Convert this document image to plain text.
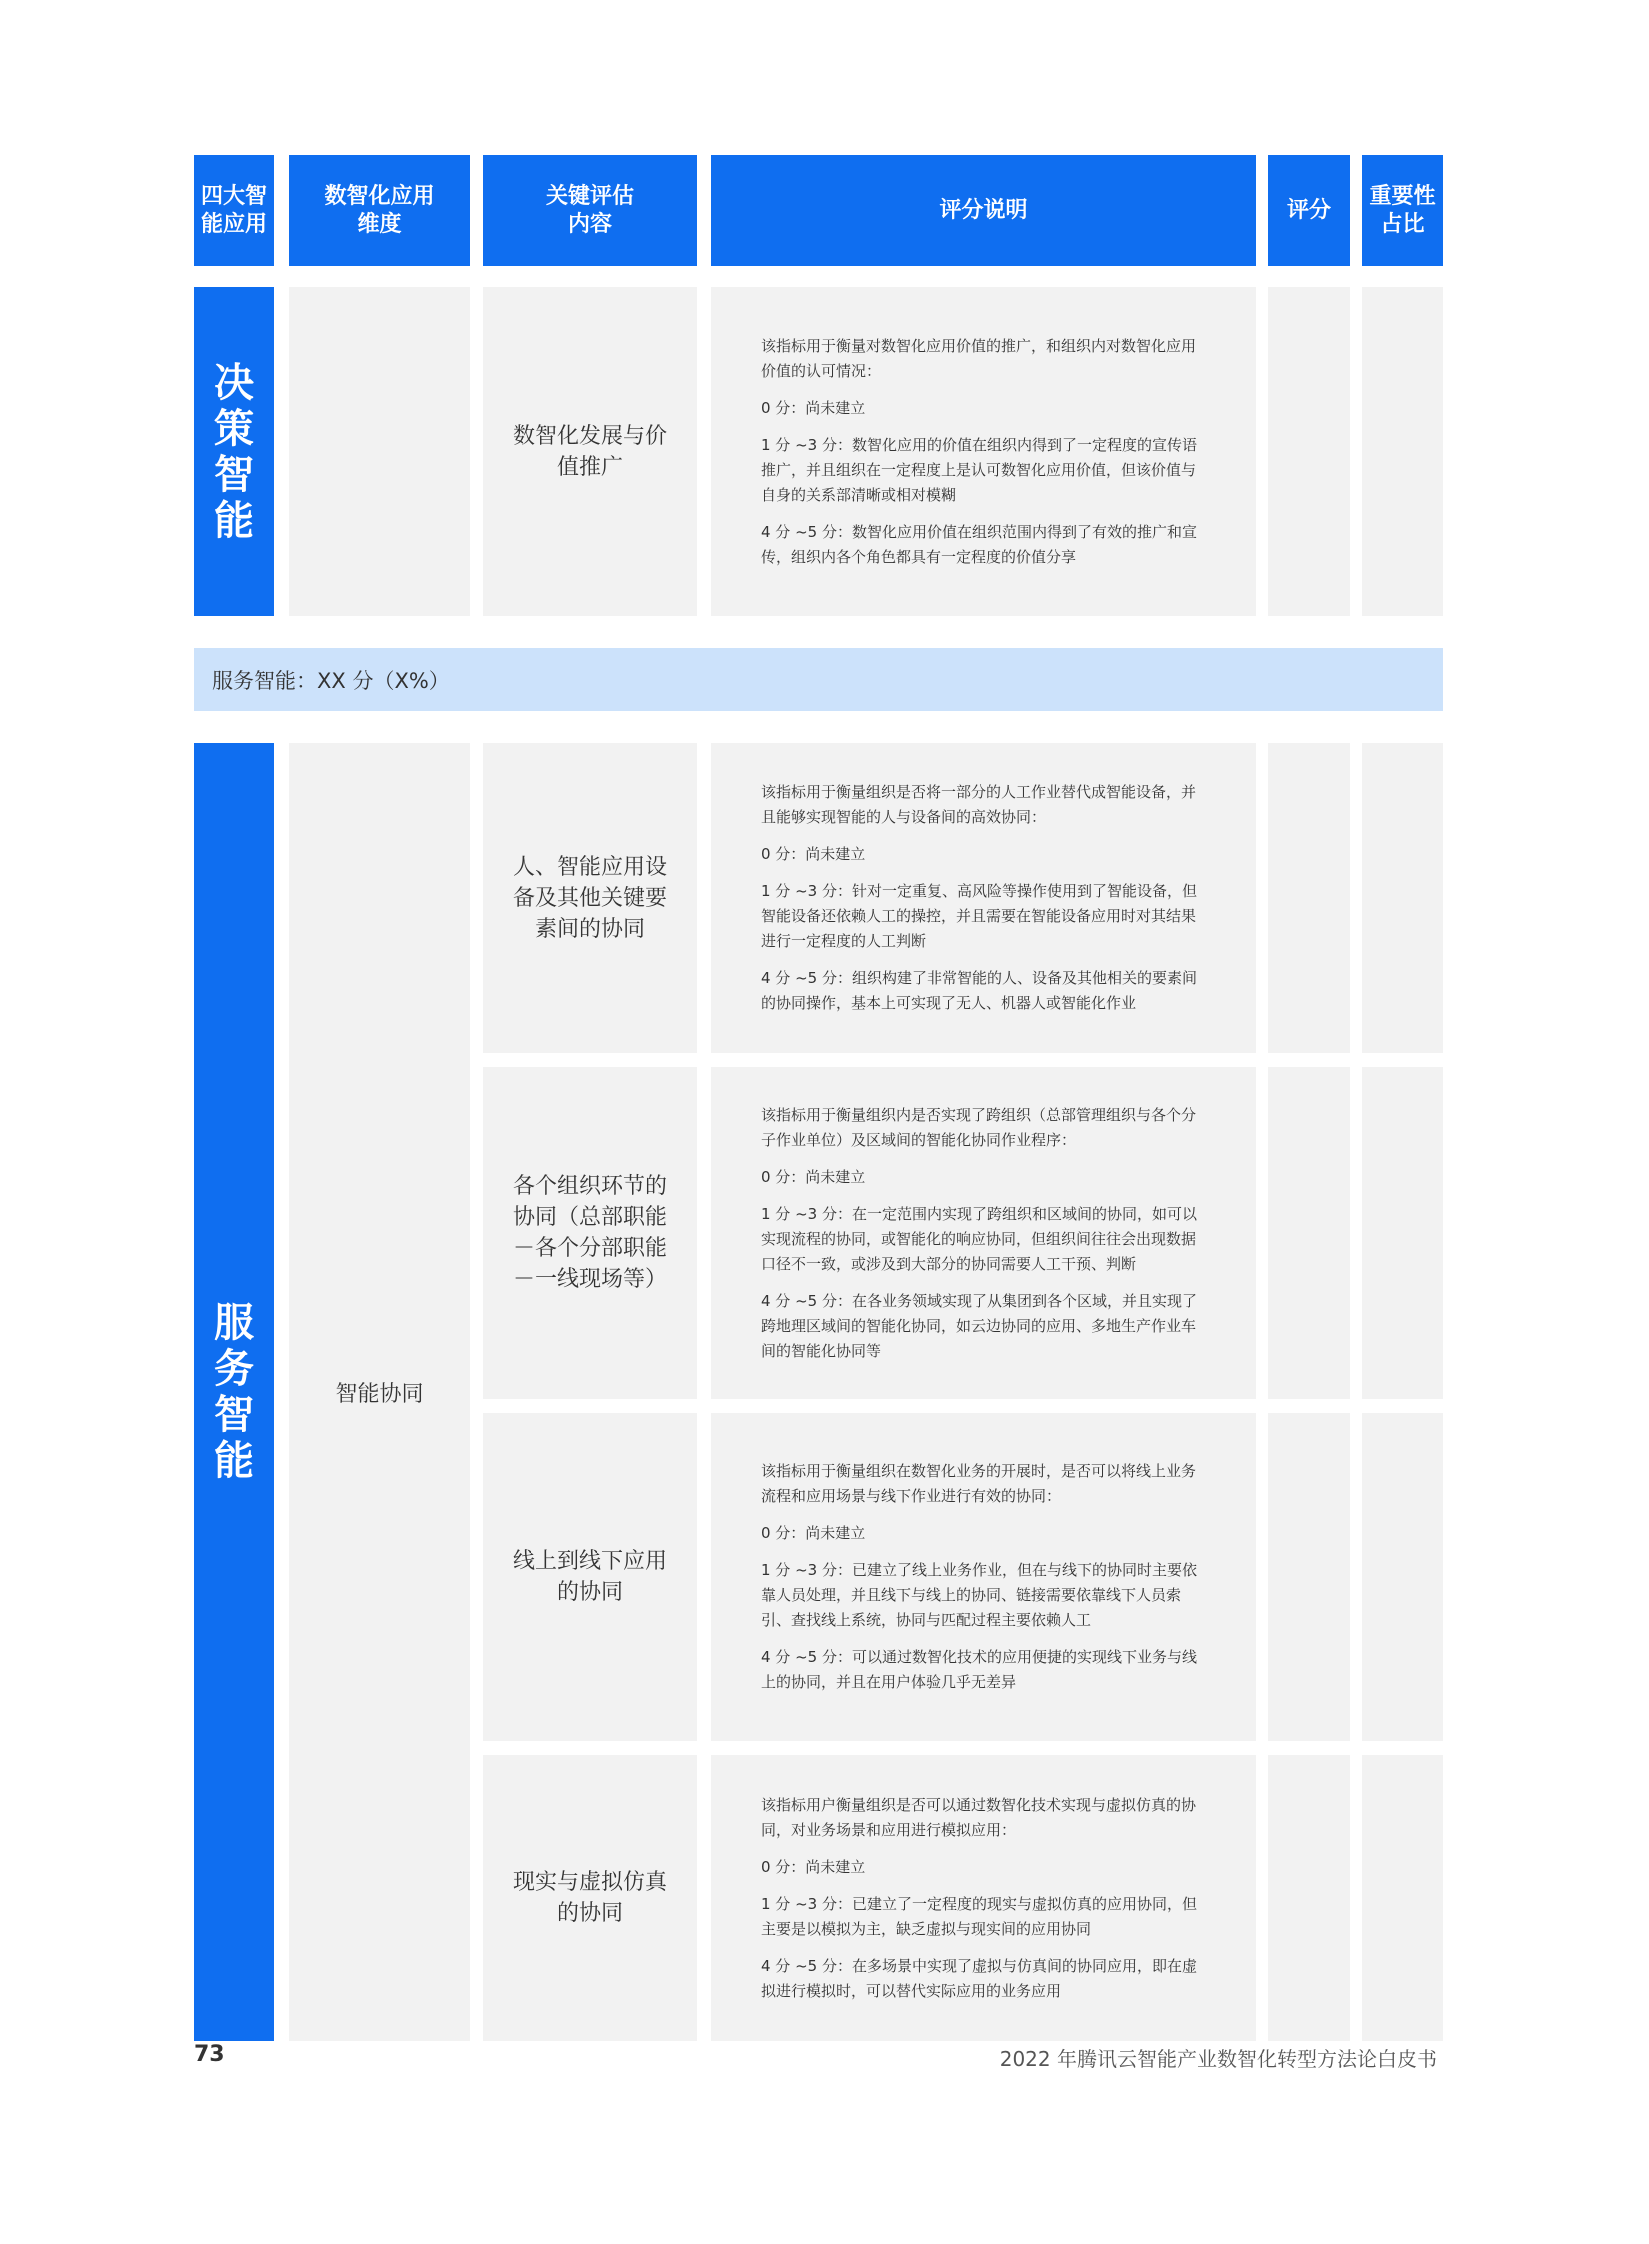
四大智
能应用
数智化应用
维度
关键评估
内容
评分说明	评分
重要性
占比
决
策
智
能
数智化发展与价
值推广

该指标用于衡量对数智化应用价值的推广，和组织内对数智化应用价值的认可情况：

0 分：尚未建立

1 分 ~3 分：数智化应用的价值在组织内得到了一定程度的宣传语推广，并且组织在一定程度上是认可数智化应用价值，但该价值与自身的关系部清晰或相对模糊

4 分 ~5 分：数智化应用价值在组织范围内得到了有效的推广和宣传，组织内各个角色都具有一定程度的价值分享

服务智能：XX 分（X%）
服
务
智
能
智能协同
人、智能应用设
备及其他关键要
素间的协同

该指标用于衡量组织是否将一部分的人工作业替代成智能设备，并且能够实现智能的人与设备间的高效协同：

0 分：尚未建立

1 分 ~3 分：针对一定重复、高风险等操作使用到了智能设备，但智能设备还依赖人工的操控，并且需要在智能设备应用时对其结果进行一定程度的人工判断

4 分 ~5 分：组织构建了非常智能的人、设备及其他相关的要素间的协同操作，基本上可实现了无人、机器人或智能化作业

各个组织环节的
协同（总部职能
－各个分部职能
－一线现场等）

该指标用于衡量组织内是否实现了跨组织（总部管理组织与各个分子作业单位）及区域间的智能化协同作业程序：

0 分：尚未建立

1 分 ~3 分：在一定范围内实现了跨组织和区域间的协同，如可以实现流程的协同，或智能化的响应协同，但组织间往往会出现数据口径不一致，或涉及到大部分的协同需要人工干预、判断

4 分 ~5 分：在各业务领域实现了从集团到各个区域，并且实现了跨地理区域间的智能化协同，如云边协同的应用、多地生产作业车间的智能化协同等

线上到线下应用
的协同

该指标用于衡量组织在数智化业务的开展时，是否可以将线上业务流程和应用场景与线下作业进行有效的协同：

0 分：尚未建立

1 分 ~3 分：已建立了线上业务作业，但在与线下的协同时主要依靠人员处理，并且线下与线上的协同、链接需要依靠线下人员索引、查找线上系统，协同与匹配过程主要依赖人工

4 分 ~5 分：可以通过数智化技术的应用便捷的实现线下业务与线上的协同，并且在用户体验几乎无差异

现实与虚拟仿真
的协同

该指标用户衡量组织是否可以通过数智化技术实现与虚拟仿真的协同，对业务场景和应用进行模拟应用：

0 分：尚未建立

1 分 ~3 分：已建立了一定程度的现实与虚拟仿真的应用协同，但主要是以模拟为主，缺乏虚拟与现实间的应用协同

4 分 ~5 分：在多场景中实现了虚拟与仿真间的协同应用，即在虚拟进行模拟时，可以替代实际应用的业务应用

73	2022 年腾讯云智能产业数智化转型方法论白皮书
